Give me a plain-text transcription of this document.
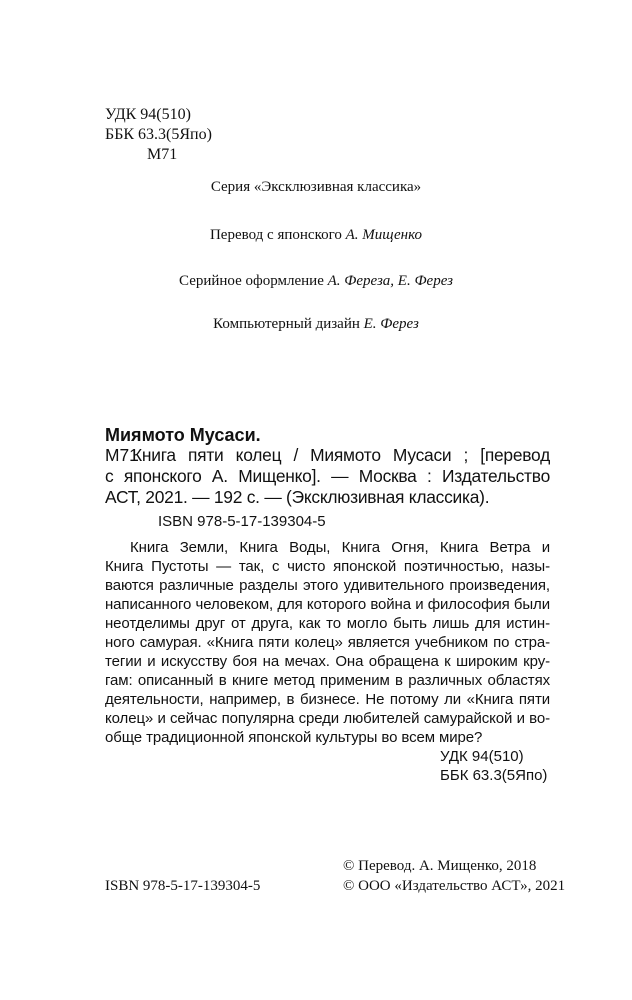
УДК 94(510)
ББК 63.3(5Япо)
М71
Серия «Эксклюзивная классика»
Перевод с японского А. Мищенко
Серийное оформление А. Фереза, Е. Ферез
Компьютерный дизайн Е. Ферез
Миямото Мусаси.
М71
Книга пяти колец / Миямото Мусаси ; [перевод
с японского А. Мищенко]. — Москва : Издательство
АСТ, 2021. — 192 с. — (Эксклюзивная классика).
ISBN 978-5-17-139304-5
Книга Земли, Книга Воды, Книга Огня, Книга Ветра и
Книга Пустоты — так, с чисто японской поэтичностью, назы-
ваются различные разделы этого удивительного произведения,
написанного человеком, для которого война и философия были
неотделимы друг от друга, как то могло быть лишь для истин-
ного самурая. «Книга пяти колец» является учебником по стра-
тегии и искусству боя на мечах. Она обращена к широким кру-
гам: описанный в книге метод применим в различных областях
деятельности, например, в бизнесе. Не потому ли «Книга пяти
колец» и сейчас популярна среди любителей самурайской и во-
обще традиционной японской культуры во всем мире?
УДК 94(510)
ББК 63.3(5Япо)
ISBN 978-5-17-139304-5
© Перевод. А. Мищенко, 2018
© ООО «Издательство АСТ», 2021
